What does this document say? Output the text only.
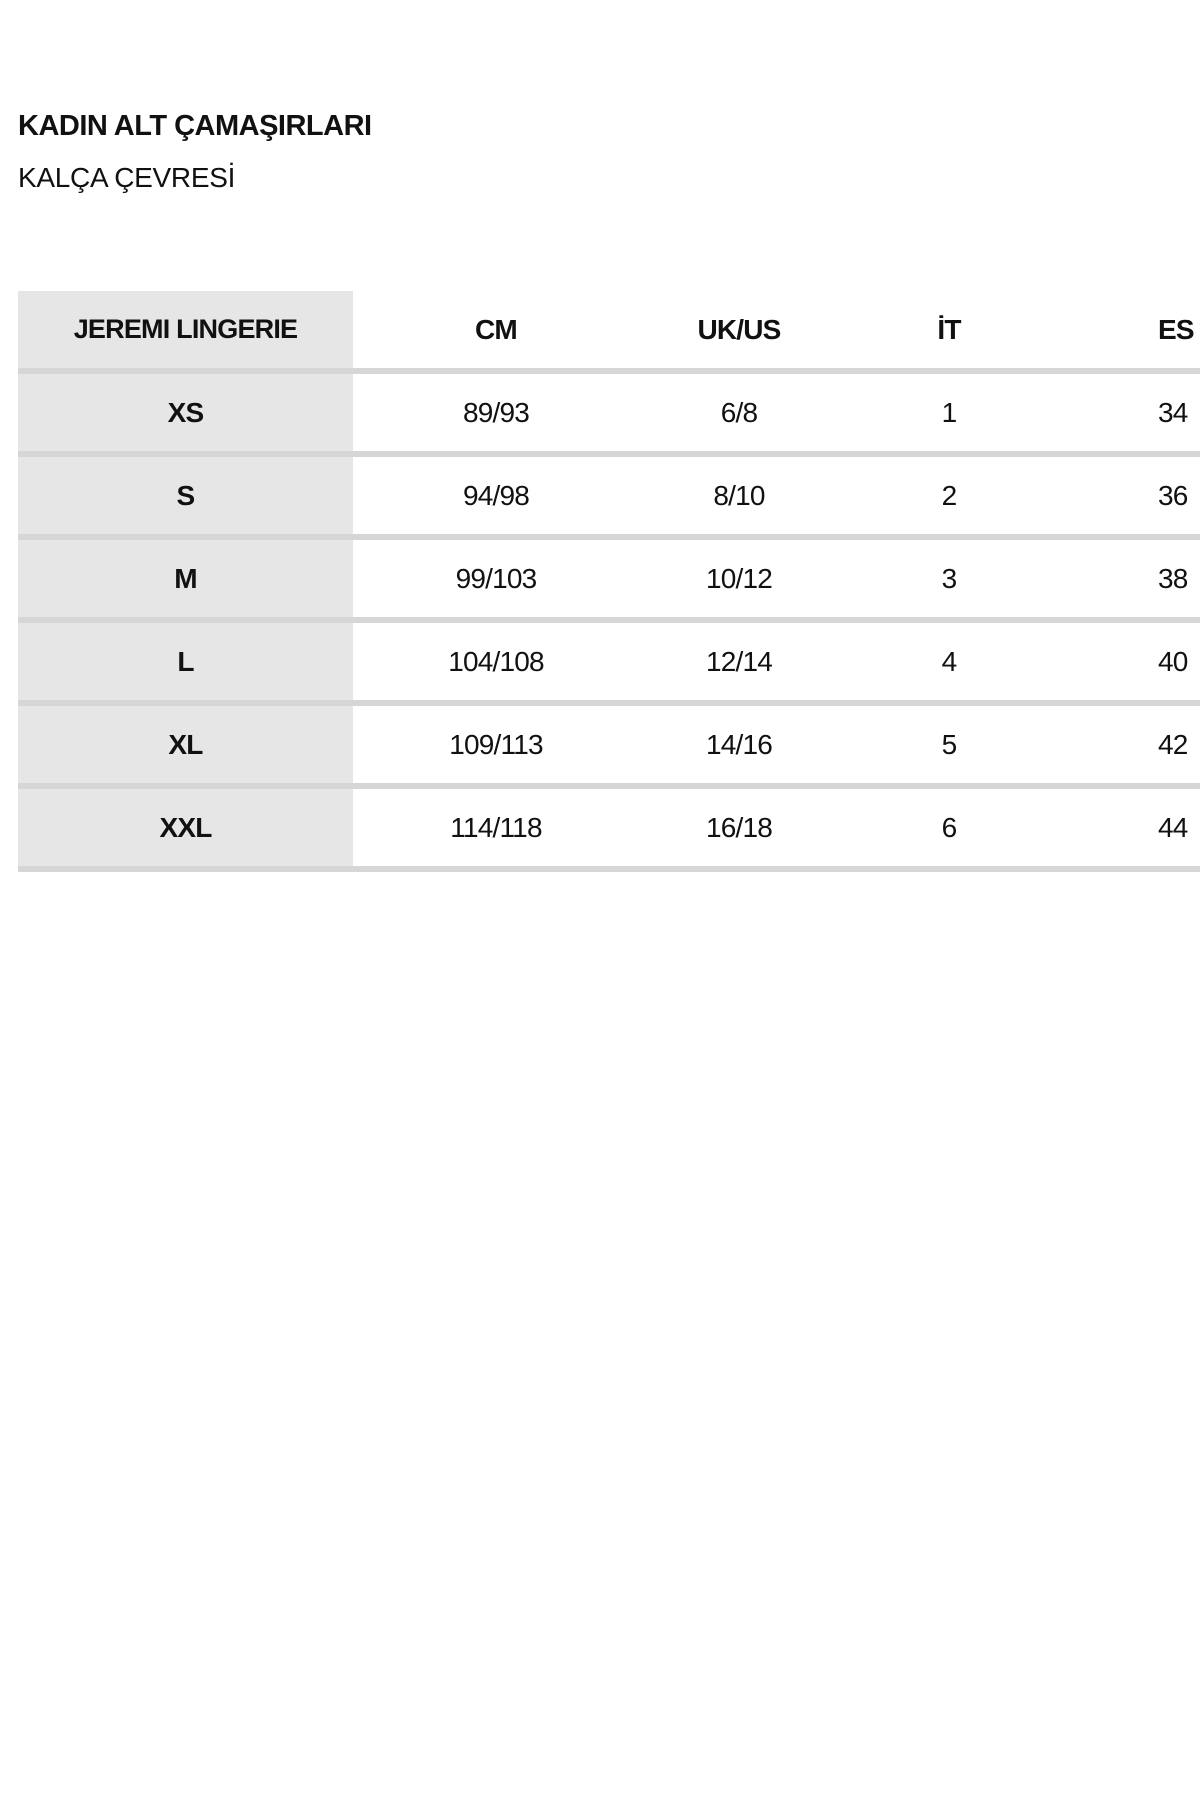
KADIN ALT ÇAMAŞIRLARI
KALÇA ÇEVRESİ
JEREMI LINGERIE	CM	UK/US	İT	ES
XS	89/93	6/8	1	34
S	94/98	8/10	2	36
M	99/103	10/12	3	38
L	104/108	12/14	4	40
XL	109/113	14/16	5	42
XXL	114/118	16/18	6	44
